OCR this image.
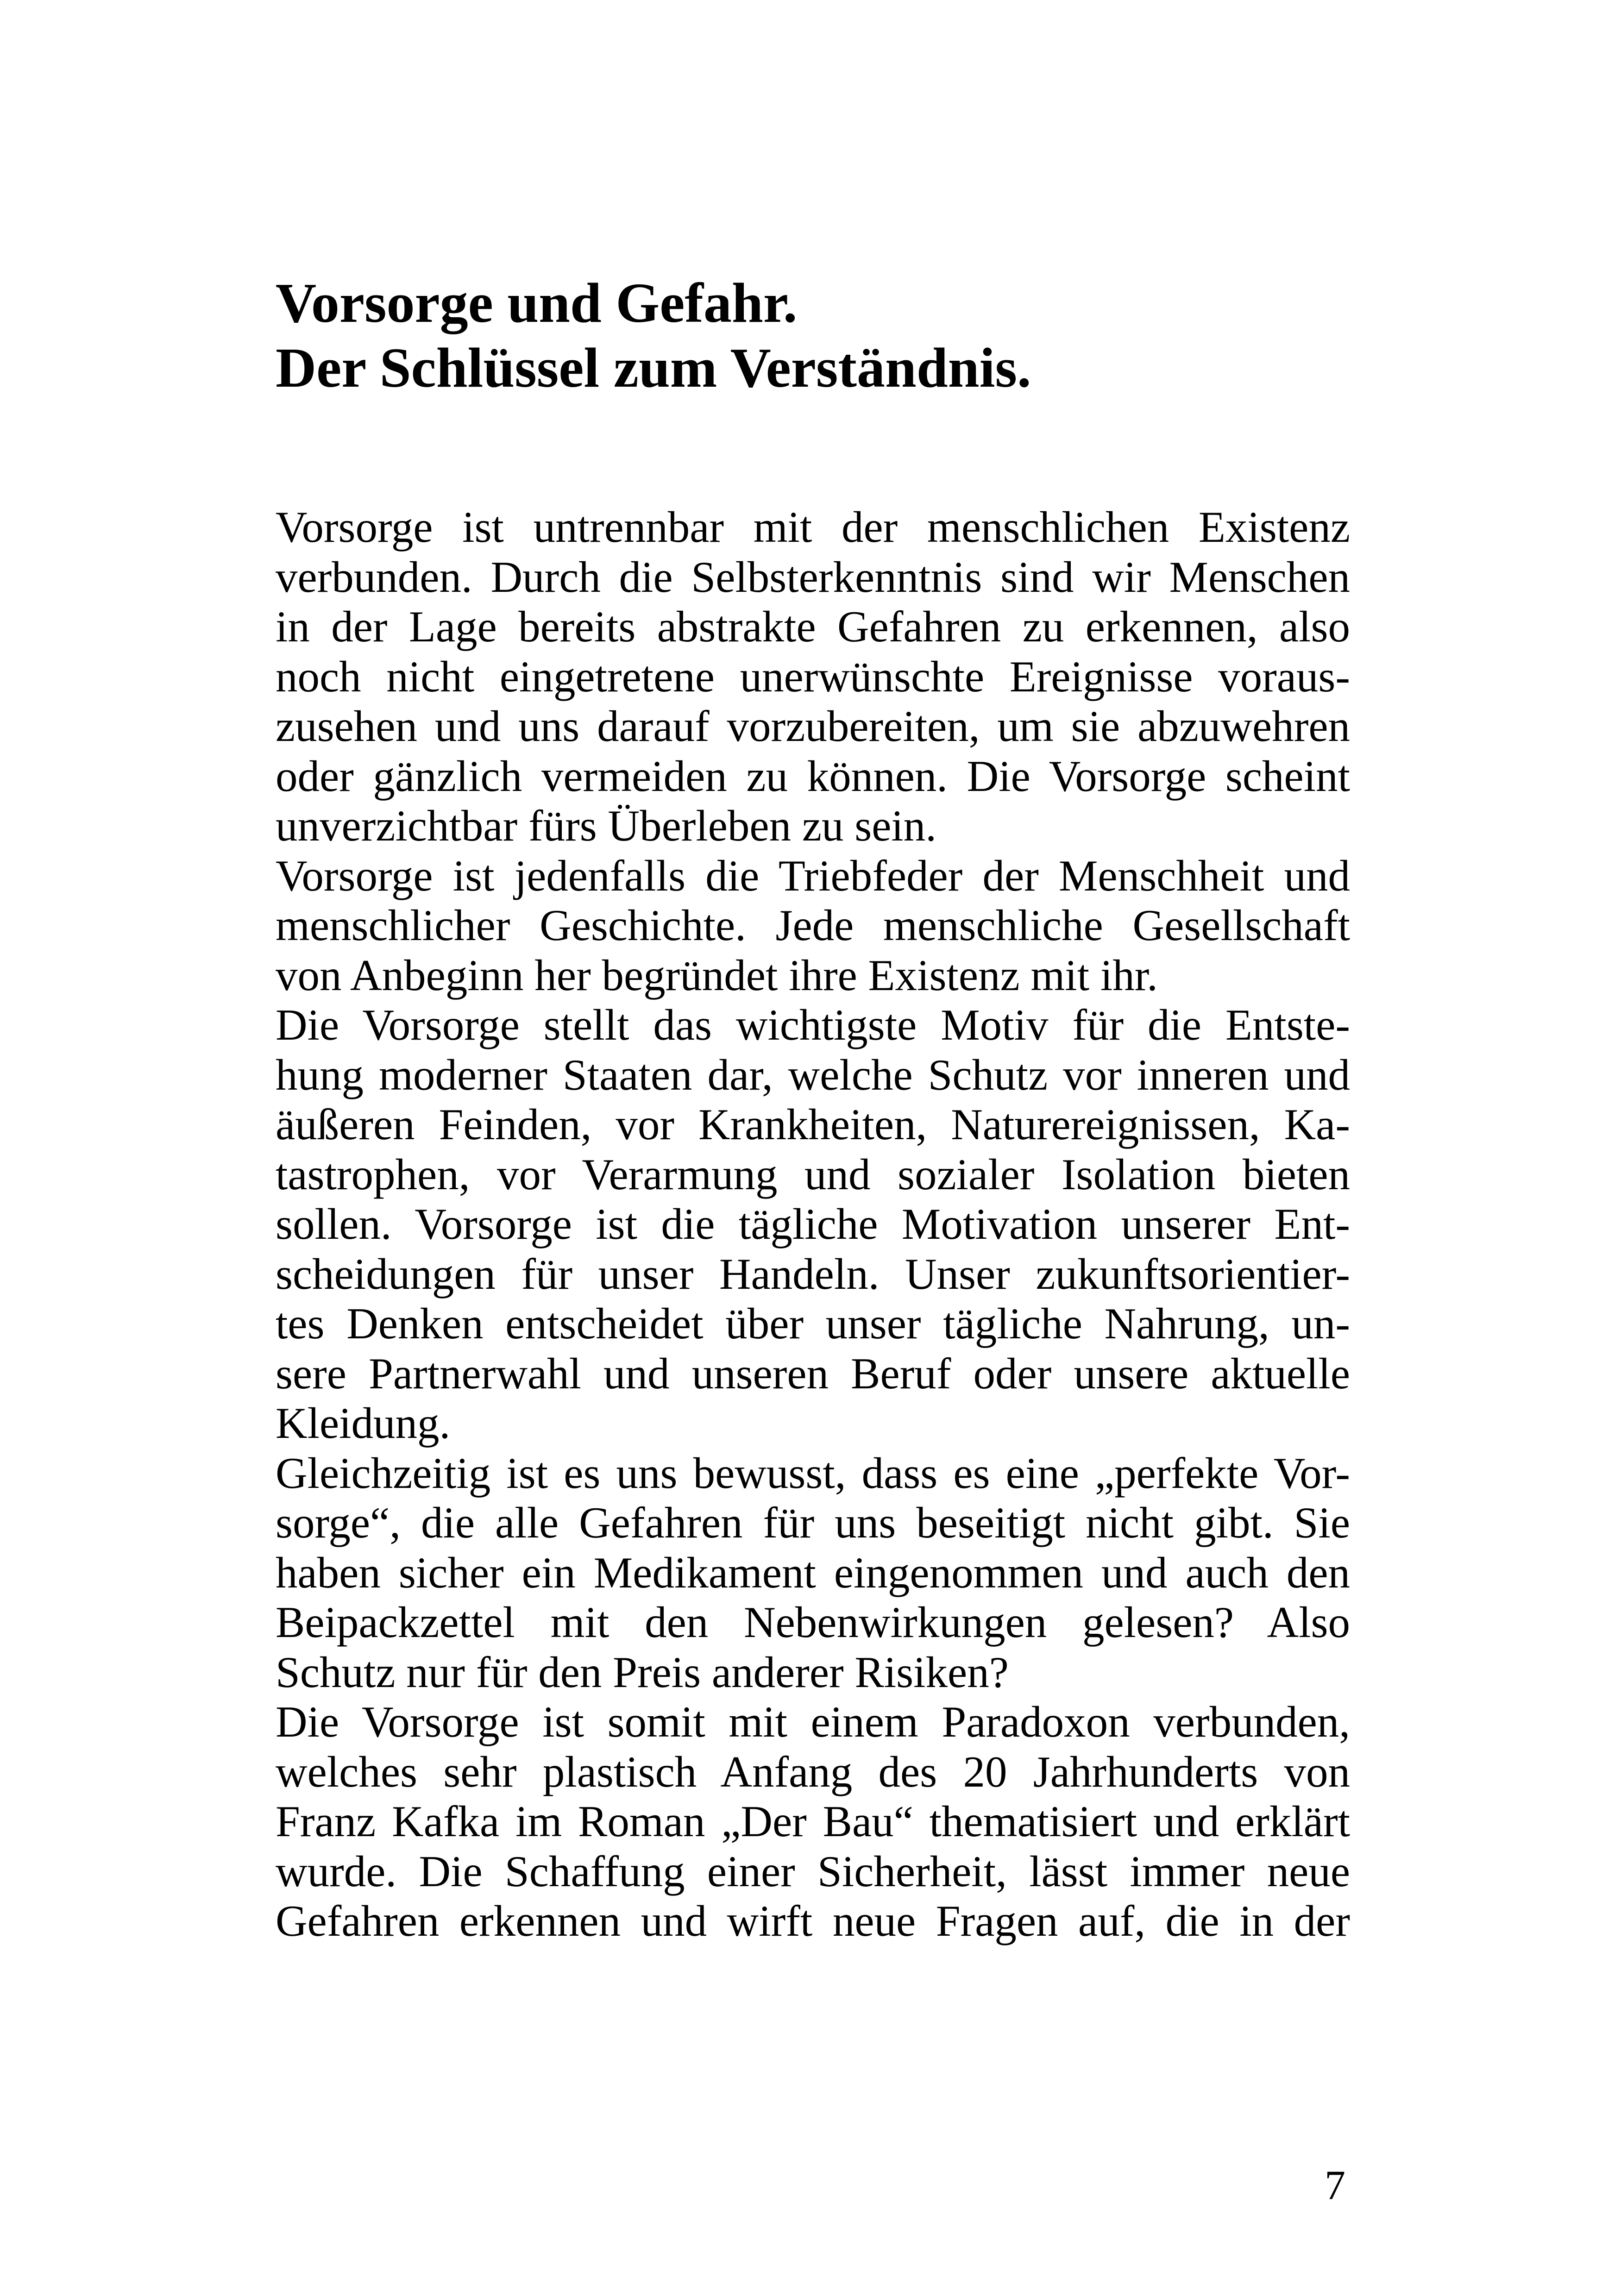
Vorsorge und Gefahr.
Der Schlüssel zum Verständnis.
Vorsorge ist untrennbar mit der menschlichen Existenz
verbunden. Durch die Selbsterkenntnis sind wir Menschen
in der Lage bereits abstrakte Gefahren zu erkennen, also
noch nicht eingetretene unerwünschte Ereignisse voraus-
zusehen und uns darauf vorzubereiten, um sie abzuwehren
oder gänzlich vermeiden zu können. Die Vorsorge scheint
unverzichtbar fürs Überleben zu sein.
Vorsorge ist jedenfalls die Triebfeder der Menschheit und
menschlicher Geschichte. Jede menschliche Gesellschaft
von Anbeginn her begründet ihre Existenz mit ihr.
Die Vorsorge stellt das wichtigste Motiv für die Entste-
hung moderner Staaten dar, welche Schutz vor inneren und
äußeren Feinden, vor Krankheiten, Naturereignissen, Ka-
tastrophen, vor Verarmung und sozialer Isolation bieten
sollen. Vorsorge ist die tägliche Motivation unserer Ent-
scheidungen für unser Handeln. Unser zukunftsorientier-
tes Denken entscheidet über unser tägliche Nahrung, un-
sere Partnerwahl und unseren Beruf oder unsere aktuelle
Kleidung.
Gleichzeitig ist es uns bewusst, dass es eine „perfekte Vor-
sorge“, die alle Gefahren für uns beseitigt nicht gibt. Sie
haben sicher ein Medikament eingenommen und auch den
Beipackzettel mit den Nebenwirkungen gelesen? Also
Schutz nur für den Preis anderer Risiken?
Die Vorsorge ist somit mit einem Paradoxon verbunden,
welches sehr plastisch Anfang des 20 Jahrhunderts von
Franz Kafka im Roman „Der Bau“ thematisiert und erklärt
wurde. Die Schaffung einer Sicherheit, lässt immer neue
Gefahren erkennen und wirft neue Fragen auf, die in der
7
